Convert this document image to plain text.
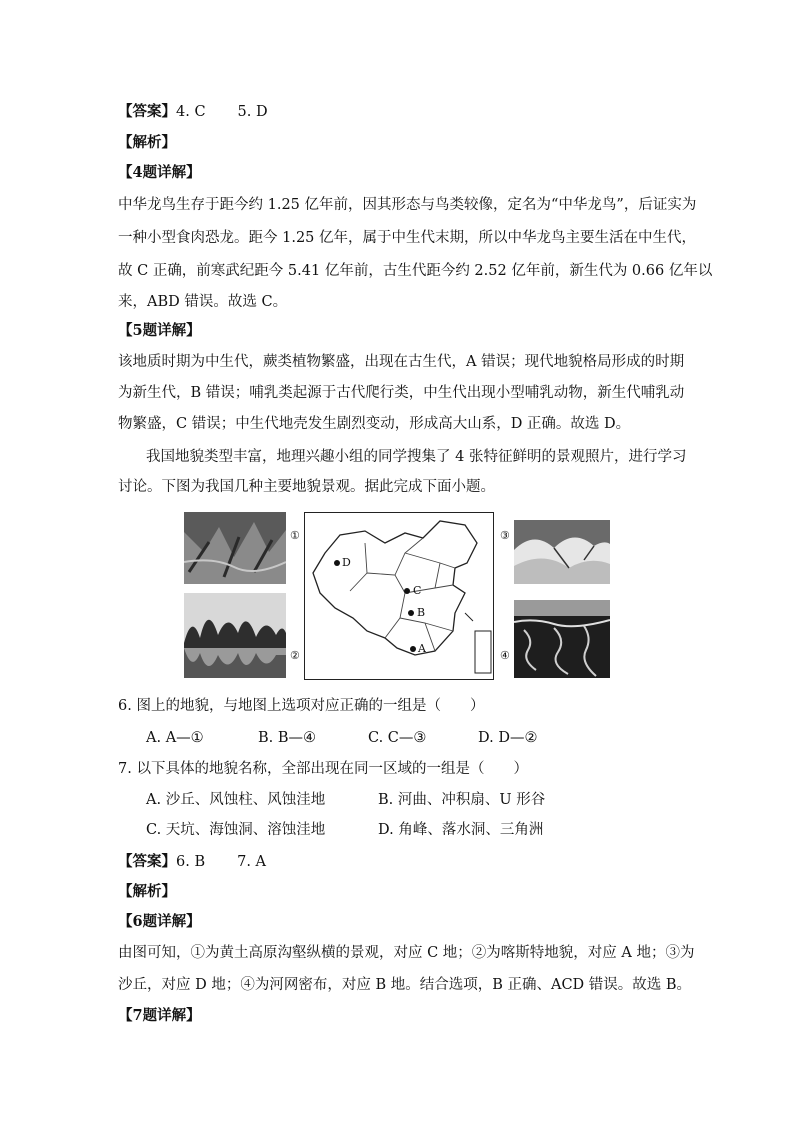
【答案】4. C 5. D
【解析】
【4题详解】
中华龙鸟生存于距今约 1.25 亿年前，因其形态与鸟类较像，定名为“中华龙鸟”，后证实为
一种小型食肉恐龙。距今 1.25 亿年，属于中生代末期，所以中华龙鸟主要生活在中生代，
故 C 正确，前寒武纪距今 5.41 亿年前，古生代距今约 2.52 亿年前，新生代为 0.66 亿年以
来，ABD 错误。故选 C。
【5题详解】
该地质时期为中生代，蕨类植物繁盛，出现在古生代，A 错误；现代地貌格局形成的时期
为新生代，B 错误；哺乳类起源于古代爬行类，中生代出现小型哺乳动物，新生代哺乳动
物繁盛，C 错误；中生代地壳发生剧烈变动，形成高大山系，D 正确。故选 D。
我国地貌类型丰富，地理兴趣小组的同学搜集了 4 张特征鲜明的景观照片，进行学习
讨论。下图为我国几种主要地貌景观。据此完成下面小题。
①
②
D
C
B
A
③
④
6. 图上的地貌，与地图上选项对应正确的一组是（　　）
A. A—①	B. B—④	C. C—③	D. D—②
7. 以下具体的地貌名称，全部出现在同一区域的一组是（　　）
A. 沙丘、风蚀柱、风蚀洼地	B. 河曲、冲积扇、U 形谷
C. 天坑、海蚀洞、溶蚀洼地	D. 角峰、落水洞、三角洲
【答案】6. B 7. A
【解析】
【6题详解】
由图可知，①为黄土高原沟壑纵横的景观，对应 C 地；②为喀斯特地貌，对应 A 地；③为
沙丘，对应 D 地；④为河网密布，对应 B 地。结合选项，B 正确、ACD 错误。故选 B。
【7题详解】
